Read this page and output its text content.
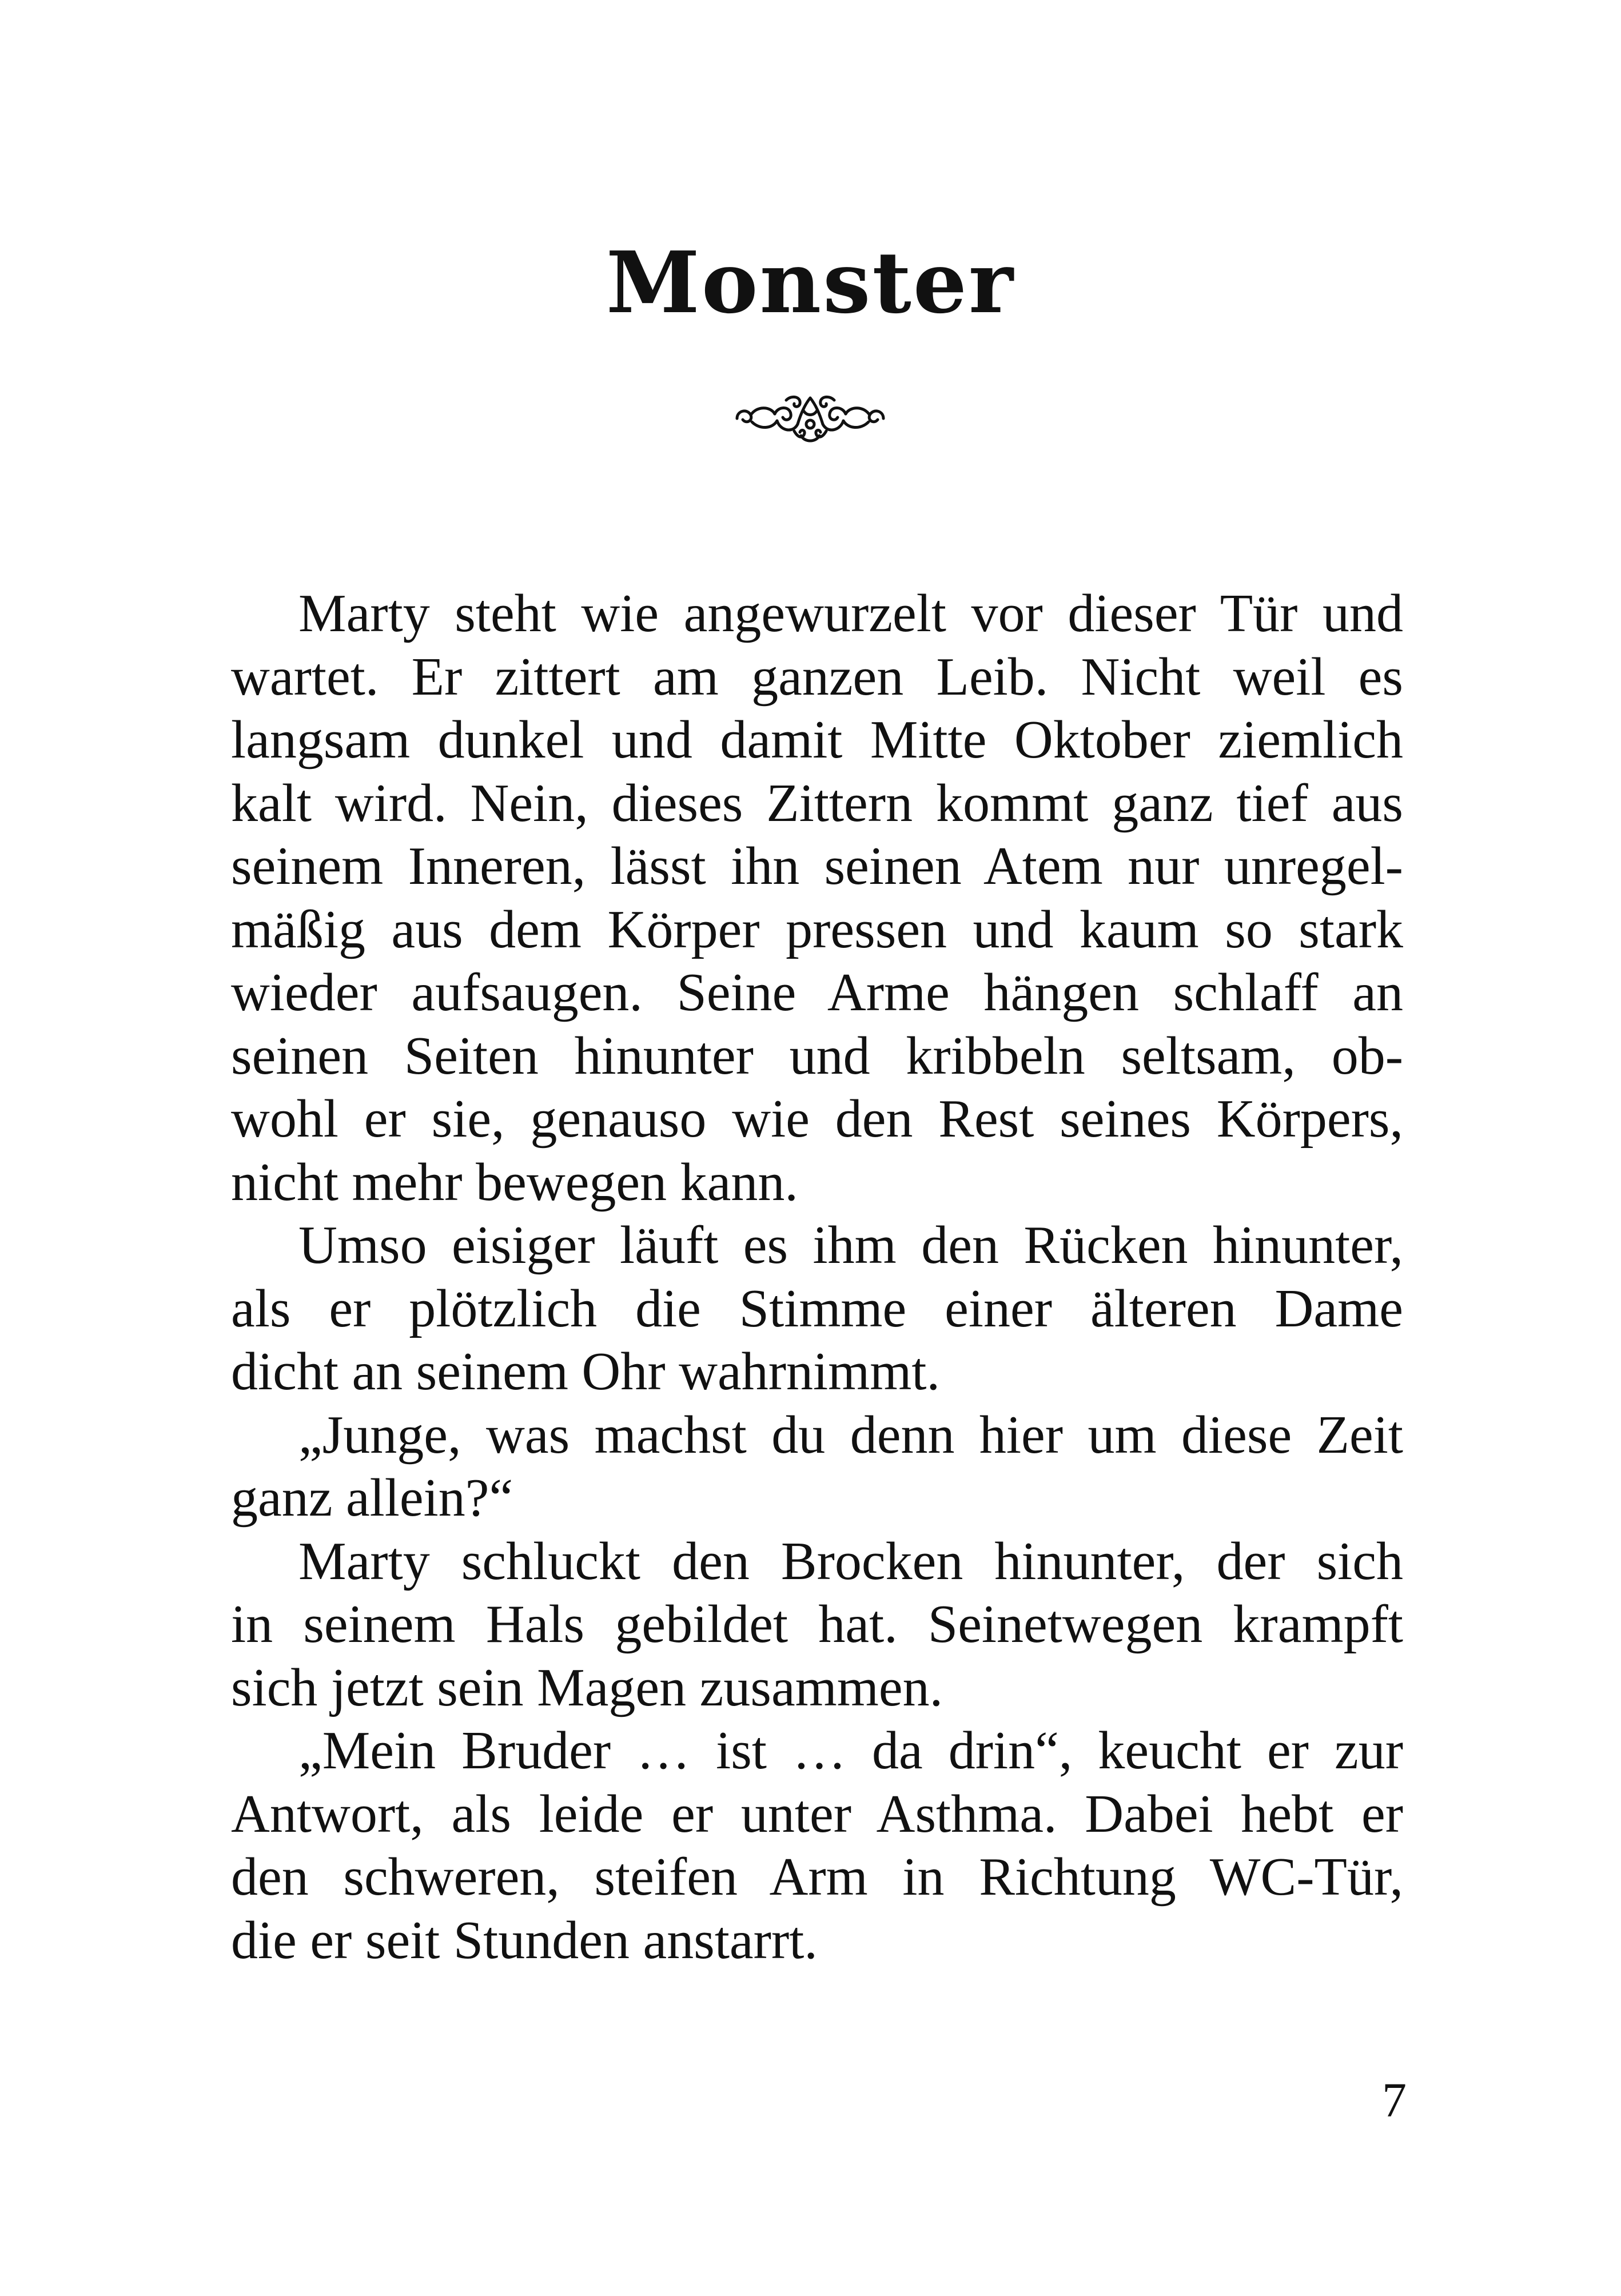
Monster
Marty steht wie angewurzelt vor dieser Tür und
wartet. Er zittert am ganzen Leib. Nicht weil es
langsam dunkel und damit Mitte Oktober ziemlich
kalt wird. Nein, dieses Zittern kommt ganz tief aus
seinem Inneren, lässt ihn seinen Atem nur unregel-
mäßig aus dem Körper pressen und kaum so stark
wieder aufsaugen. Seine Arme hängen schlaff an
seinen Seiten hinunter und kribbeln seltsam, ob-
wohl er sie, genauso wie den Rest seines Körpers,
nicht mehr bewegen kann.
Umso eisiger läuft es ihm den Rücken hinunter,
als er plötzlich die Stimme einer älteren Dame
dicht an seinem Ohr wahrnimmt.
„Junge, was machst du denn hier um diese Zeit
ganz allein?“
Marty schluckt den Brocken hinunter, der sich
in seinem Hals gebildet hat. Seinetwegen krampft
sich jetzt sein Magen zusammen.
„Mein Bruder … ist … da drin“, keucht er zur
Antwort, als leide er unter Asthma. Dabei hebt er
den schweren, steifen Arm in Richtung WC-Tür,
die er seit Stunden anstarrt.
7
